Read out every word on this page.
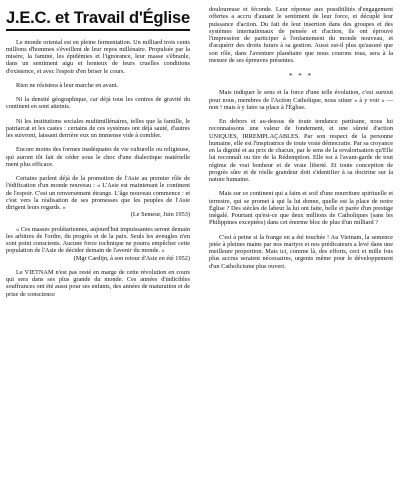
J.E.C. et Travail d'Église

Le monde oriental est en pleine fermentation. Un milliard trois cents millions d'hommes s'éveillent de leur repos millénaire. Propulsée par la misère, la famine, les épidémies et l'ignorance, leur masse s'ébranle, dans un sentiment aigu et honteux de leurs cruelles conditions d'existence, et avec l'espoir d'en briser le cours.

Rien ne résistera à leur marche en avant.

Ni la densité géographique, car déjà tous les centres de gravité du continent en sont atteints.

Ni les institutions sociales multimillénaires, telles que la famille, le patriarcat et les castes : certains de ces systèmes ont déjà sauté, d'autres les suivront, laissant derrière eux un immense vide à combler.

Encore moins des formes inadéquates de vie culturelle ou religieuse, qui auront tôt fait de céder sous le choc d'une dialectique matérielle ment plus efficace.

Certains parlent déjà de la promotion de l'Asie au premier rôle de l'édification d'un monde nouveau : « L'Asie est maintenant le continent de l'espoir. C'est un renversement étrange. L'âge nouveau commence : et c'est vers la réalisation de ses promesses que les peuples de l'Asie dirigent leurs regards. »

(Le Semeur, Juin 1953)

« Ces masses prolétariennes, aujourd'hui impuissantes seront demain les arbitres de l'ordre, du progrès et de la paix. Seuls les aveugles n'en sont point conscients. Aucune force tochnique ne pourra empêcher cette population de l'Asie de décider demain de l'avenir du monde. »

(Mgr Cardijn, à son retour d'Asie en été 1952)

Le VIETNAM n'est pas resté en marge de cette révolution en cours qui sera dans ses plus grande du monde. Ces années d'indicibles souffrances ont été aussi pour ses enfants, des années de maturation et de prise de conscience

douloureuse et féconde. Leur réponse aux possibilités d'engagement offertes a accru d'autant le sentiment de leur force, et décuplé leur puissance d'action. Du fait de leur insertion dans des groupes et des systèmes internationaux de pensée et d'action, ils ont éprouvé l'impression de participer à l'enfantement du monde nouveau, et d'acquérir des droits futurs à sa gestion. Aussi est-il plus qu'assuré que son rôle, dans l'aventure planétaire que nous courons tous, sera à la mesure de ses épreuves présentes.

* * *

Mais indiquer le sens et la force d'une telle évolution, c'est surtout pour nous, membres de l'Action Catholique, nous situer « à y voir » — non ! mais à y faire sa place à l'Église.

En dehors et au-dessus de toute tendance partisane, nous lui reconnaissons une valeur de fondement, et une sûreté d'action UNIQUES, IRREMPLAÇABLES. Par son respect de la personne humaine, elle est l'inspiratrice de toute vraie démocratie. Par sa croyance en la dignité et au prix de chacun, par le sens de la revalorisation qu'Elle lui reconnaît ou tire de la Rédemption. Elle est à l'avant-garde de tout régime de vrai bonheur et de vraie liberté. Et toute conception de progrès sûre et de réelle grandeur doit s'identifier à sa doctrine sur la nature humaine.

Mais sur ce continent qui a faim et soif d'une nourriture spirituelle et terrestre, qui se promet à qui la lui donne, quelle est la place de notre Église ? Des siècles de labeur la lui ont faite, belle et parée d'un prestige inégalé. Pourtant qu'est-ce que deux millions de Catholiques (sans les Philippines exceptées) dans cet énorme bloc de plus d'un milliard ?

C'est à peine si la frange en a été touchée ! Au Vietnam, la semence jetée à pleines mains par nos martyrs et nos prédicateurs a levé dans une meilleure proportion. Mais ici, comme là, des efforts, ceci et mille fois plus accrus seraient nécessaires, urgents même pour le développement d'un Catholicisme plus ouvert.
